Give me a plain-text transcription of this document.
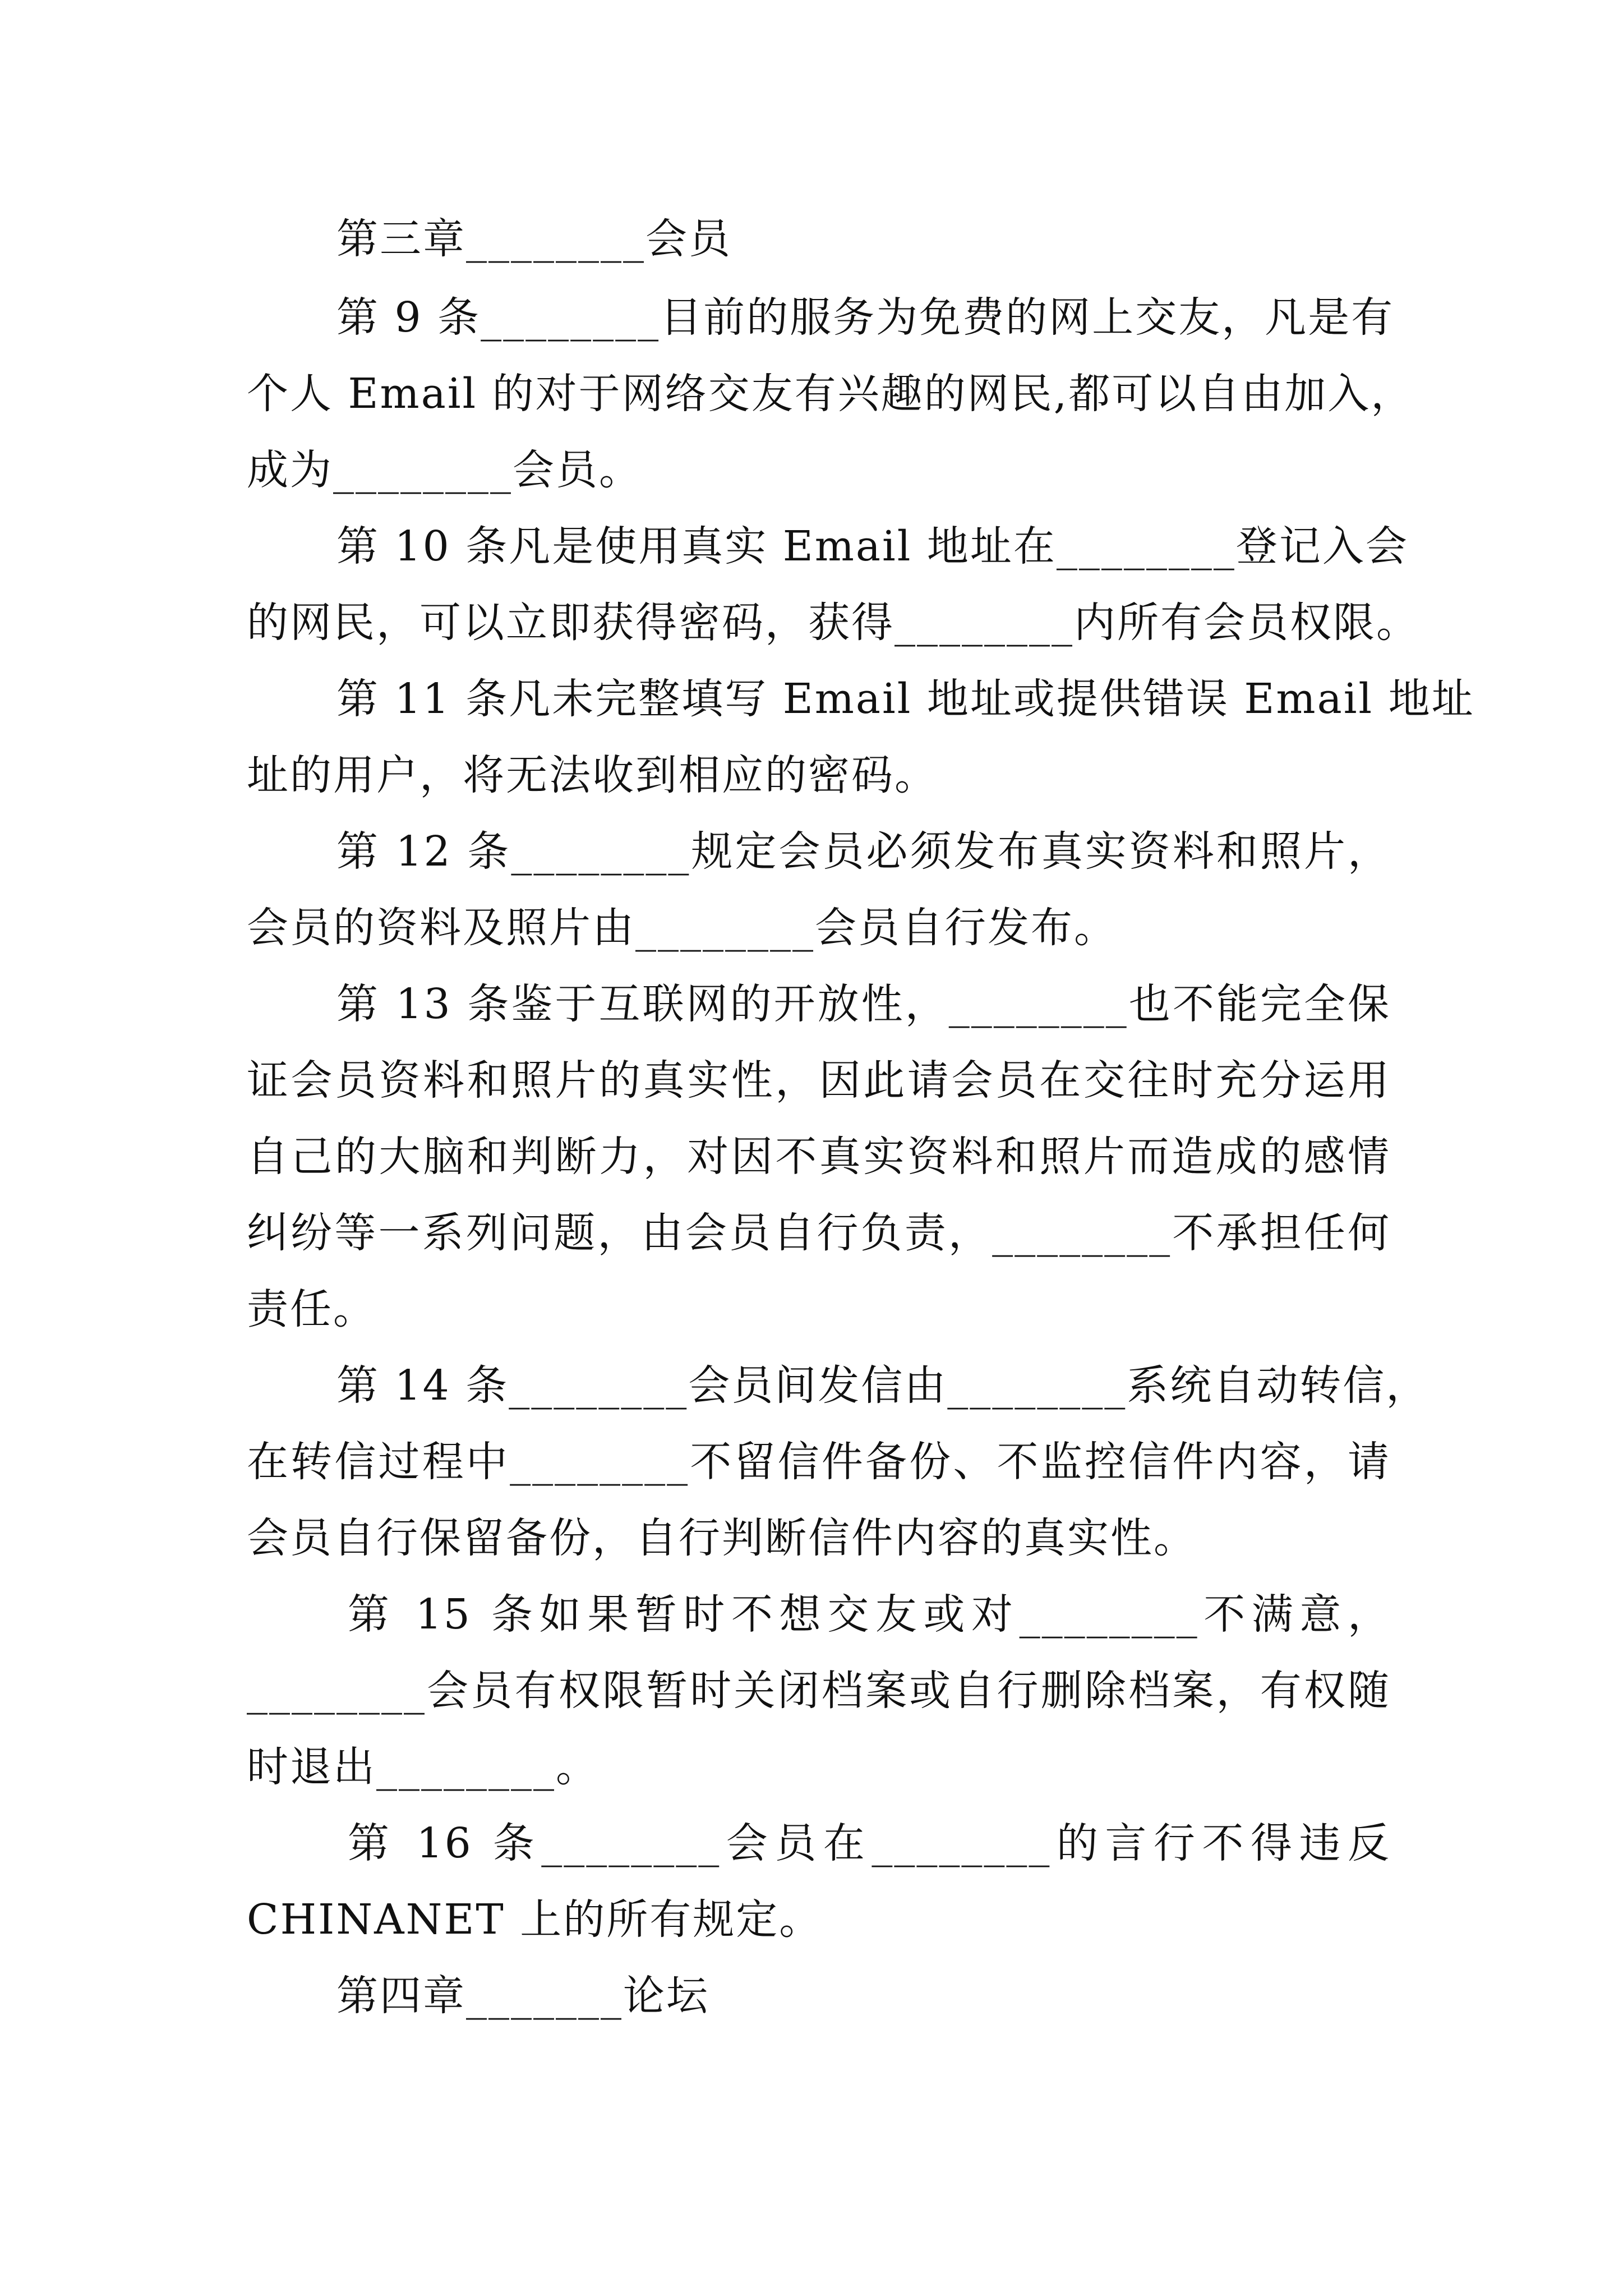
第三章________会员
第 9 条________目前的服务为免费的网上交友，凡是有
个人 Email 的对于网络交友有兴趣的网民,都可以自由加入，
成为________会员。
第 10 条凡是使用真实 Email 地址在________登记入会
的网民，可以立即获得密码，获得________内所有会员权限。
第 11 条凡未完整填写 Email 地址或提供错误 Email 地址
址的用户，将无法收到相应的密码。
第 12 条________规定会员必须发布真实资料和照片，
会员的资料及照片由________会员自行发布。
第 13 条鉴于互联网的开放性，________也不能完全保
证会员资料和照片的真实性，因此请会员在交往时充分运用
自己的大脑和判断力，对因不真实资料和照片而造成的感情
纠纷等一系列问题，由会员自行负责，________不承担任何
责任。
第 14 条________会员间发信由________系统自动转信，
在转信过程中________不留信件备份、不监控信件内容，请
会员自行保留备份，自行判断信件内容的真实性。
第 15 条如果暂时不想交友或对________不满意，
________会员有权限暂时关闭档案或自行删除档案，有权随
时退出________。
第 16 条________会员在________的言行不得违反
CHINANET 上的所有规定。
第四章_______论坛
